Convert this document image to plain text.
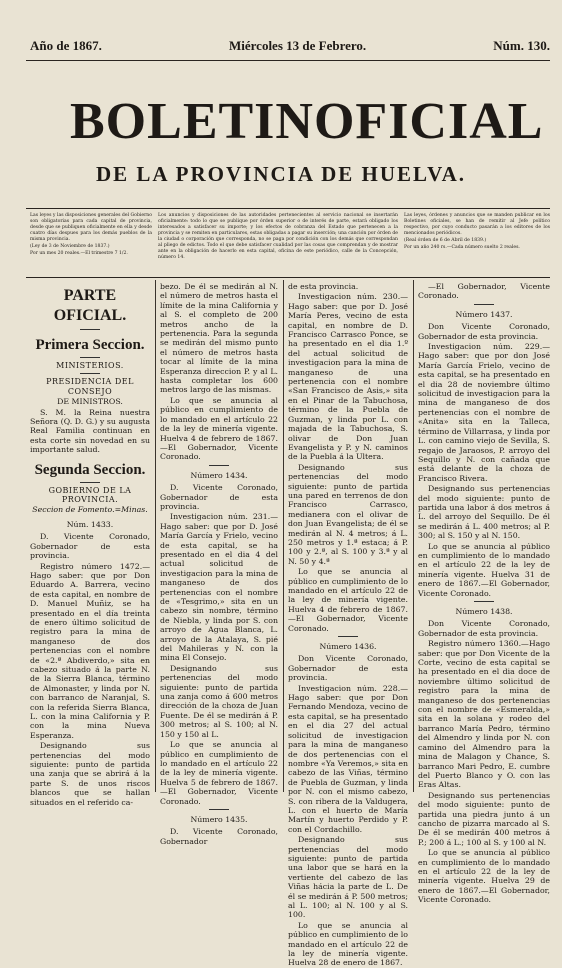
Año de 1867.	Miércoles 13 de Febrero.	Núm. 130.
BOLETIN OFICIAL
DE LA PROVINCIA DE HUELVA.

Las leyes y las disposiciones generales del Gobierno son obligatorias para cada capital de provincia, desde que se publiquen oficialmente en ella y desde cuatro días despues para los demás pueblos de la misma provincia.

(Ley de 3 de Noviembre de 1837.)

Por un mes 20 reales.—El trimestre 7 1/2.

Los anuncios y disposiciones de las autoridades pertenecientes al servicio nacional se insertarán oficialmente: todo lo que se publique por órden superior o de interés de parte, estará obligado los interesados a satisfacer su importe; y los efectos de cobranza del Estado que pertenecen a la provincia y se remiten en particulares, estas obligadas a pagar su inserción; una canción por órden de la ciudad o corporación que corresponda, no se paga por condición con los demás que correspondan al pliego de edictos. Todo el que debe satisfacer cualidad por las cosas que comprendan y de mostrar ante en la obligación de hacerlo en esta capital, oficina de este periódico, calle de la Concepción, número 14.

Las leyes, órdenes y anuncios que se manden publicar en los Boletines oficiales, se han de remitir al Jefe político respectivo, por cuyo conducto pasarán a los editores de los mencionados periódicos.

(Real órden de 6 de Abril de 1839.)

Por un año 240 rs.—Cada número suelto 2 reales.

PARTE OFICIAL.

Primera Seccion.

MINISTERIOS.

PRESIDENCIA DEL CONSEJO

DE MINISTROS.

S. M. la Reina nuestra Señora (Q. D. G.) y su augusta Real Familia continuan en esta corte sin novedad en su importante salud.

Segunda Seccion.

GOBIERNO DE LA PROVINCIA.

Seccion de Fomento.=Minas.

Núm. 1433.

D. Vicente Coronado, Gobernador de esta provincia.

Registro número 1472.—Hago saber: que por Don Eduardo A. Barrera, vecino de esta capital, en nombre de D. Manuel Muñiz, se ha presentado en el día treinta de enero último solicitud de registro para la mina de manganeso de dos pertenencias con el nombre de «2.ª Abdiverdo,» sita en cabezo situado á la parte N. de la Sierra Blanca, término de Almonaster, y linda por N. con barranco de Naranjal, S. con la referida Sierra Blanca, L. con la mina California y P. con la mina Nueva Esperanza.

Designando sus pertenencias del modo siguiente: punto de partida una zanja que se abrirá á la parte S. de unos riscos blancos que se hallan situados en el referido ca-

bezo. De él se medirán al N. el número de metros hasta el límite de la mina California y al S. el completo de 200 metros ancho de la pertenencia. Para la segunda se medirán del mismo punto el número de metros hasta tocar al límite de la mina Esperanza direccion P. y al L. hasta completar los 600 metros largo de las mismas.

Lo que se anuncia al público en cumplimiento de lo mandado en el artículo 22 de la ley de minería vigente. Huelva 4 de febrero de 1867.—El Gobernador, Vicente Coronado.

Número 1434.

D. Vicente Coronado, Gobernador de esta provincia.

Investigacion núm. 231.—Hago saber: que por D. José María García y Frielo, vecino de esta capital, se ha presentado en el dia 4 del actual solicitud de investigacion para la mina de manganeso de dos pertenencias con el nombre de «Tesgrimo,» sita en un cabezo sin nombre, término de Niebla, y linda por S. con arroyo de Agua Blanca, L. arroyo de la Atalaya, S. pié del Mahileras y N. con la mina El Consejo.

Designando sus pertenencias del modo siguiente: punto de partida una zanja como á 600 metros dirección de la choza de Juan Fuente. De él se medirán á P. 300 metros; al S. 100; al N. 150 y 150 al L.

Lo que se anuncia al público en cumplimiento de lo mandado en el artículo 22 de la ley de minería vigente. Huelva 5 de febrero de 1867.—El Gobernador, Vicente Coronado.

Número 1435.

D. Vicente Coronado, Gobernador

de esta provincia.

Investigacion núm. 230.—Hago saber: que por D. José María Peres, vecino de esta capital, en nombre de D. Francisco Carrasco Ponce, se ha presentado en el dia 1.º del actual solicitud de investigacion para la mina de manganeso de una pertenencia con el nombre «San Francisco de Asis,» sita en el Pinar de la Tabuchosa, término de la Puebla de Guzman, y linda por L. con majada de la Tabuchosa, S. olivar de Don Juan Evangelista y P. y N. caminos de la Puebla á la Ultera.

Designando sus pertenencias del modo siguiente: punto de partida una pared en terrenos de don Francisco Carrasco, medianera con el olivar de don Juan Evangelista; de él se medirán al N. 4 metros; á L. 250 metros y 1.ª estaca; á P. 100 y 2.ª, al S. 100 y 3.ª y al N. 50 y 4.ª

Lo que se anuncia al público en cumplimiento de lo mandado en el artículo 22 de la ley de minería vigente. Huelva 4 de febrero de 1867.—El Gobernador, Vicente Coronado.

Número 1436.

Don Vicente Coronado, Gobernador de esta provincia.

Investigacion núm. 228.—Hago saber: que por Don Fernando Mendoza, vecino de esta capital, se ha presentado en el dia 27 del actual solicitud de investigacion para la mina de manganeso de dos pertenencias con el nombre «Ya Veremos,» sita en cabezo de las Viñas, término de Puebla de Guzman, y linda por N. con el mismo cabezo, S. con ribera de la Valdugera, L. con el huerto de María Martín y huerto Perdido y P. con el Cordachillo.

Designando sus pertenencias del modo siguiente: punto de partida una labor que se hará en la vertiente del cabezo de las Viñas hácia la parte de L. De él se medirán á P. 500 metros; al L. 100; al N. 100 y al S. 100.

Lo que se anuncia al público en cumplimiento de lo mandado en el artículo 22 de la ley de minería vigente. Huelva 28 de enero de 1867.

—El Gobernador, Vicente Coronado.

Número 1437.

Don Vicente Coronado, Gobernador de esta provincia.

Investigacion núm. 229.—Hago saber: que por don José María García Frielo, vecino de esta capital, se ha presentado en el dia 28 de noviembre último solicitud de investigacion para la mina de manganeso de dos pertenencias con el nombre de «Anita» sita en la Talleca, término de Villarrasa, y linda por L. con camino viejo de Sevilla, S. regajo de Jaraosos, P. arroyo del Sequillo y N. con cañada que está delante de la choza de Francisco Rivera.

Designando sus pertenencias del modo siguiente: punto de partida una labor á dos metros á L. del arroyo del Sequillo. De él se medirán á L. 400 metros; al P. 300; al S. 150 y al N. 150.

Lo que se anuncia al público en cumplimiento de lo mandado en el artículo 22 de la ley de minería vigente. Huelva 31 de enero de 1867.—El Gobernador, Vicente Coronado.

Número 1438.

Don Vicente Coronado, Gobernador de esta provincia.

Registro número 1360.—Hago saber: que por Don Vicente de la Corte, vecino de esta capital se ha presentado en el dia doce de noviembre último solicitud de registro para la mina de manganeso de dos pertenencias con el nombre de «Esmeralda,» sita en la solana y rodeo del barranco María Pedro, término del Almendro y linda por N. con camino del Almendro para la mina de Malagon y Chance, S. barranco Mari Pedro, E. cumbre del Puerto Blanco y O. con las Eras Altas.

Designando sus pertenencias del modo siguiente: punto de partida una piedra junto á un cancho de pizarra marcado al S. De él se medirán 400 metros á P.; 200 á L.; 100 al S. y 100 al N.

Lo que se anuncia al público en cumplimiento de lo mandado en el artículo 22 de la ley de minería vigente. Huelva 29 de enero de 1867.—El Gobernador, Vicente Coronado.
